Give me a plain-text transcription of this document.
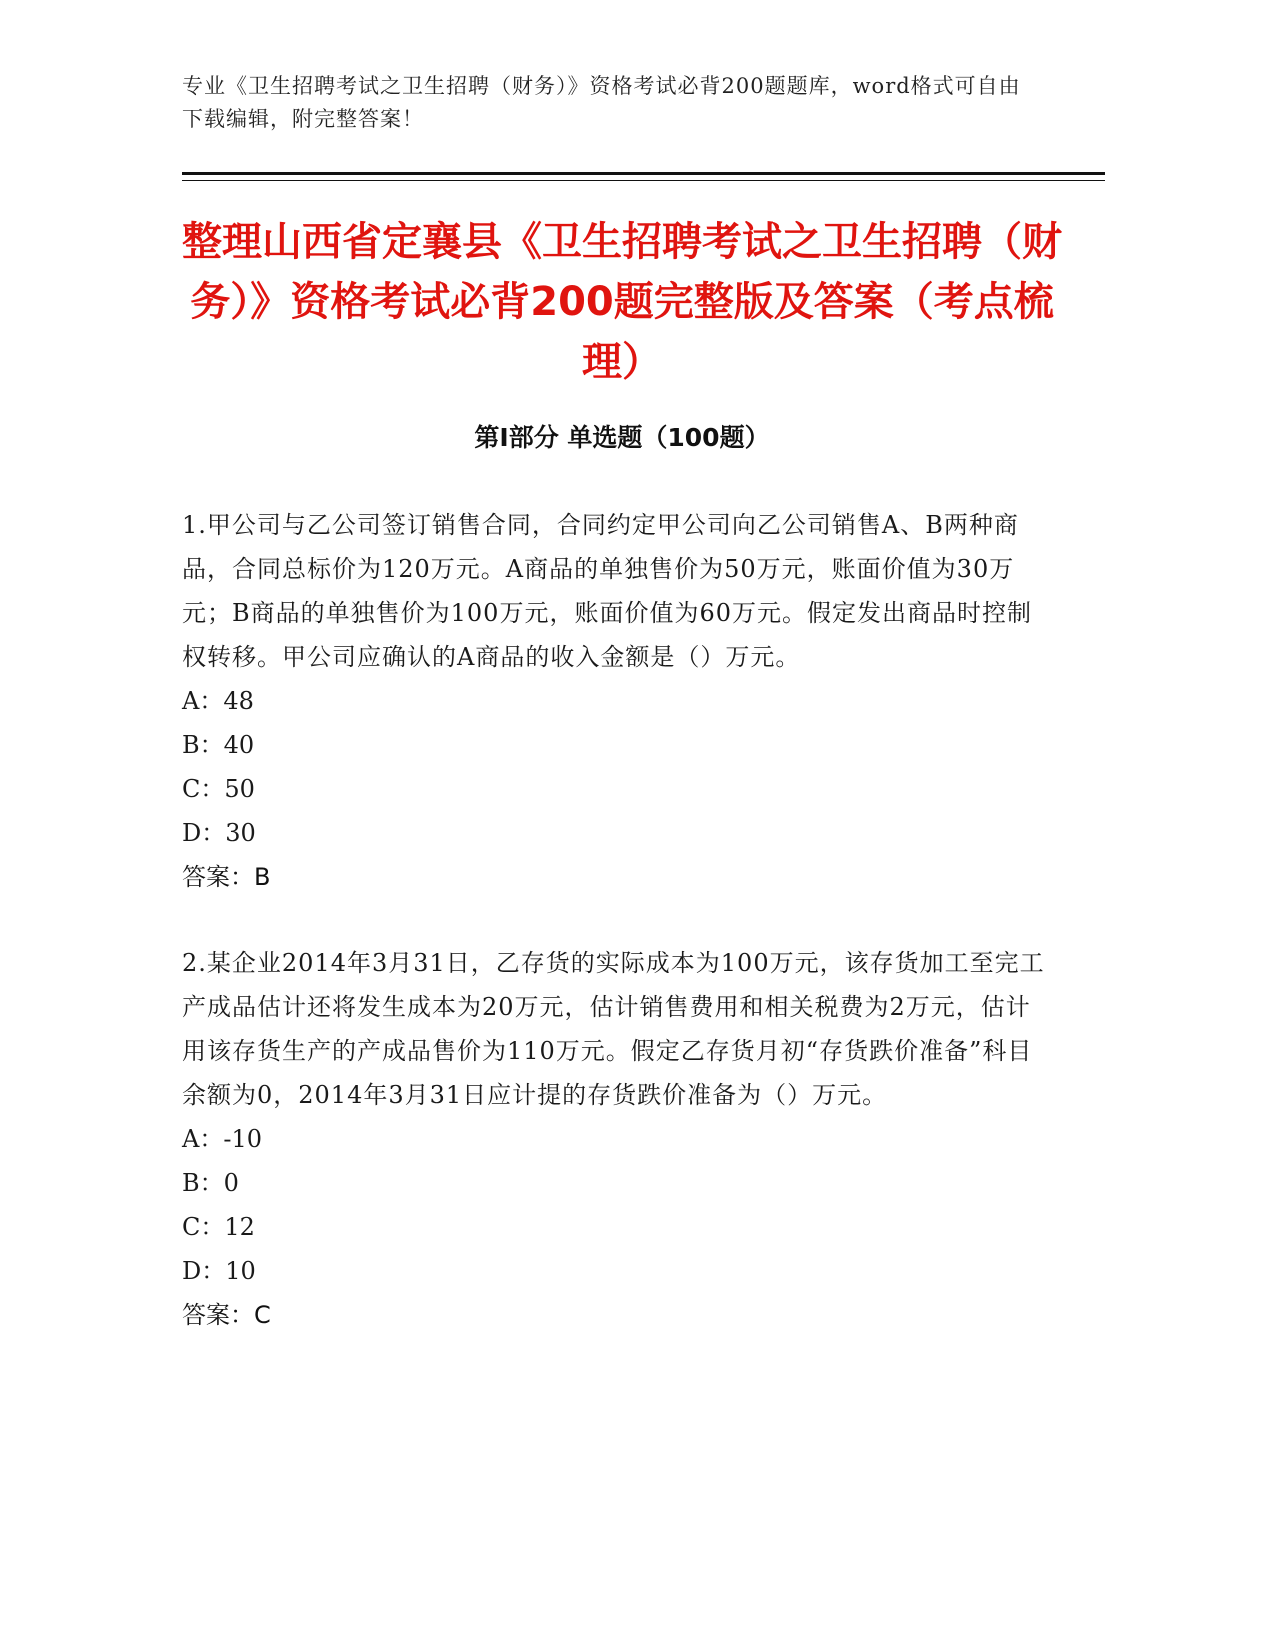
专业《卫生招聘考试之卫生招聘（财务）》资格考试必背200题题库，word格式可自由下载编辑，附完整答案！
整理山西省定襄县《卫生招聘考试之卫生招聘（财务）》资格考试必背200题完整版及答案（考点梳理）
第I部分 单选题（100题）

1.甲公司与乙公司签订销售合同，合同约定甲公司向乙公司销售A、B两种商品，合同总标价为120万元。A商品的单独售价为50万元，账面价值为30万元；B商品的单独售价为100万元，账面价值为60万元。假定发出商品时控制权转移。甲公司应确认的A商品的收入金额是（）万元。

A：48

B：40

C：50

D：30

答案：B

2.某企业2014年3月31日，乙存货的实际成本为100万元，该存货加工至完工产成品估计还将发生成本为20万元，估计销售费用和相关税费为2万元，估计用该存货生产的产成品售价为110万元。假定乙存货月初“存货跌价准备”科目余额为0，2014年3月31日应计提的存货跌价准备为（）万元。

A：-10

B：0

C：12

D：10

答案：C
